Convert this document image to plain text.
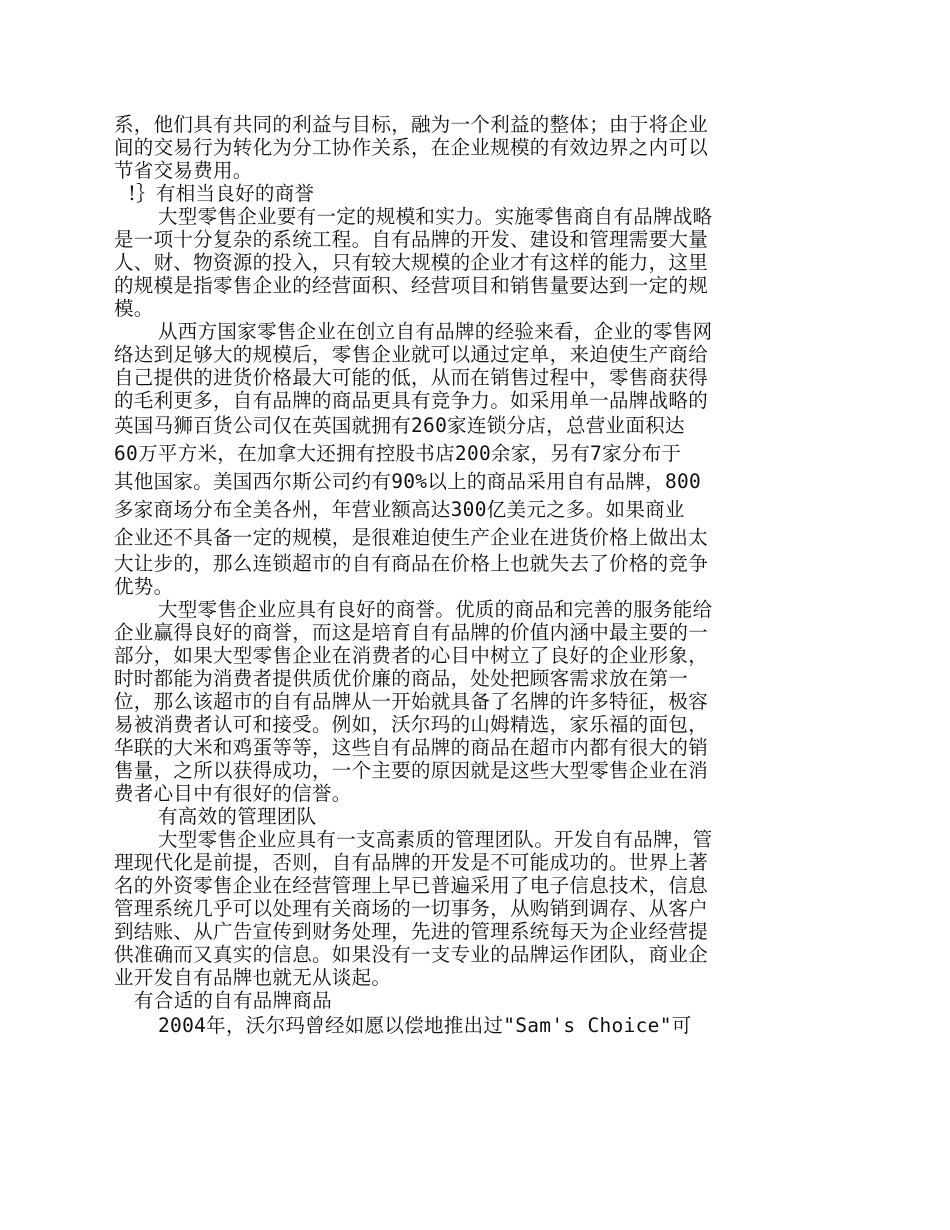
系，他们具有共同的利益与目标，融为一个利益的整体；由于将企业
间的交易行为转化为分工协作关系，在企业规模的有效边界之内可以
节省交易费用。
!｝有相当良好的商誉
大型零售企业要有一定的规模和实力。实施零售商自有品牌战略
是一项十分复杂的系统工程。自有品牌的开发、建设和管理需要大量
人、财、物资源的投入，只有较大规模的企业才有这样的能力，这里
的规模是指零售企业的经营面积、经营项目和销售量要达到一定的规
模。
从西方国家零售企业在创立自有品牌的经验来看，企业的零售网
络达到足够大的规模后，零售企业就可以通过定单，来迫使生产商给
自己提供的进货价格最大可能的低，从而在销售过程中，零售商获得
的毛利更多，自有品牌的商品更具有竞争力。如采用单一品牌战略的
英国马狮百货公司仅在英国就拥有260家连锁分店，总营业面积达
60万平方米，在加拿大还拥有控股书店200余家，另有7家分布于
其他国家。美国西尔斯公司约有90%以上的商品采用自有品牌，800
多家商场分布全美各州，年营业额高达300亿美元之多。如果商业
企业还不具备一定的规模，是很难迫使生产企业在进货价格上做出太
大让步的，那么连锁超市的自有商品在价格上也就失去了价格的竞争
优势。
大型零售企业应具有良好的商誉。优质的商品和完善的服务能给
企业赢得良好的商誉，而这是培育自有品牌的价值内涵中最主要的一
部分，如果大型零售企业在消费者的心目中树立了良好的企业形象，
时时都能为消费者提供质优价廉的商品，处处把顾客需求放在第一
位，那么该超市的自有品牌从一开始就具备了名牌的许多特征，极容
易被消费者认可和接受。例如，沃尔玛的山姆精选，家乐福的面包，
华联的大米和鸡蛋等等，这些自有品牌的商品在超市内都有很大的销
售量，之所以获得成功，一个主要的原因就是这些大型零售企业在消
费者心目中有很好的信誉。
有高效的管理团队
大型零售企业应具有一支高素质的管理团队。开发自有品牌，管
理现代化是前提，否则，自有品牌的开发是不可能成功的。世界上著
名的外资零售企业在经营管理上早已普遍采用了电子信息技术，信息
管理系统几乎可以处理有关商场的一切事务，从购销到调存、从客户
到结账、从广告宣传到财务处理，先进的管理系统每天为企业经营提
供准确而又真实的信息。如果没有一支专业的品牌运作团队，商业企
业开发自有品牌也就无从谈起。
有合适的自有品牌商品
2004年，沃尔玛曾经如愿以偿地推出过"Sam's Choice"可
